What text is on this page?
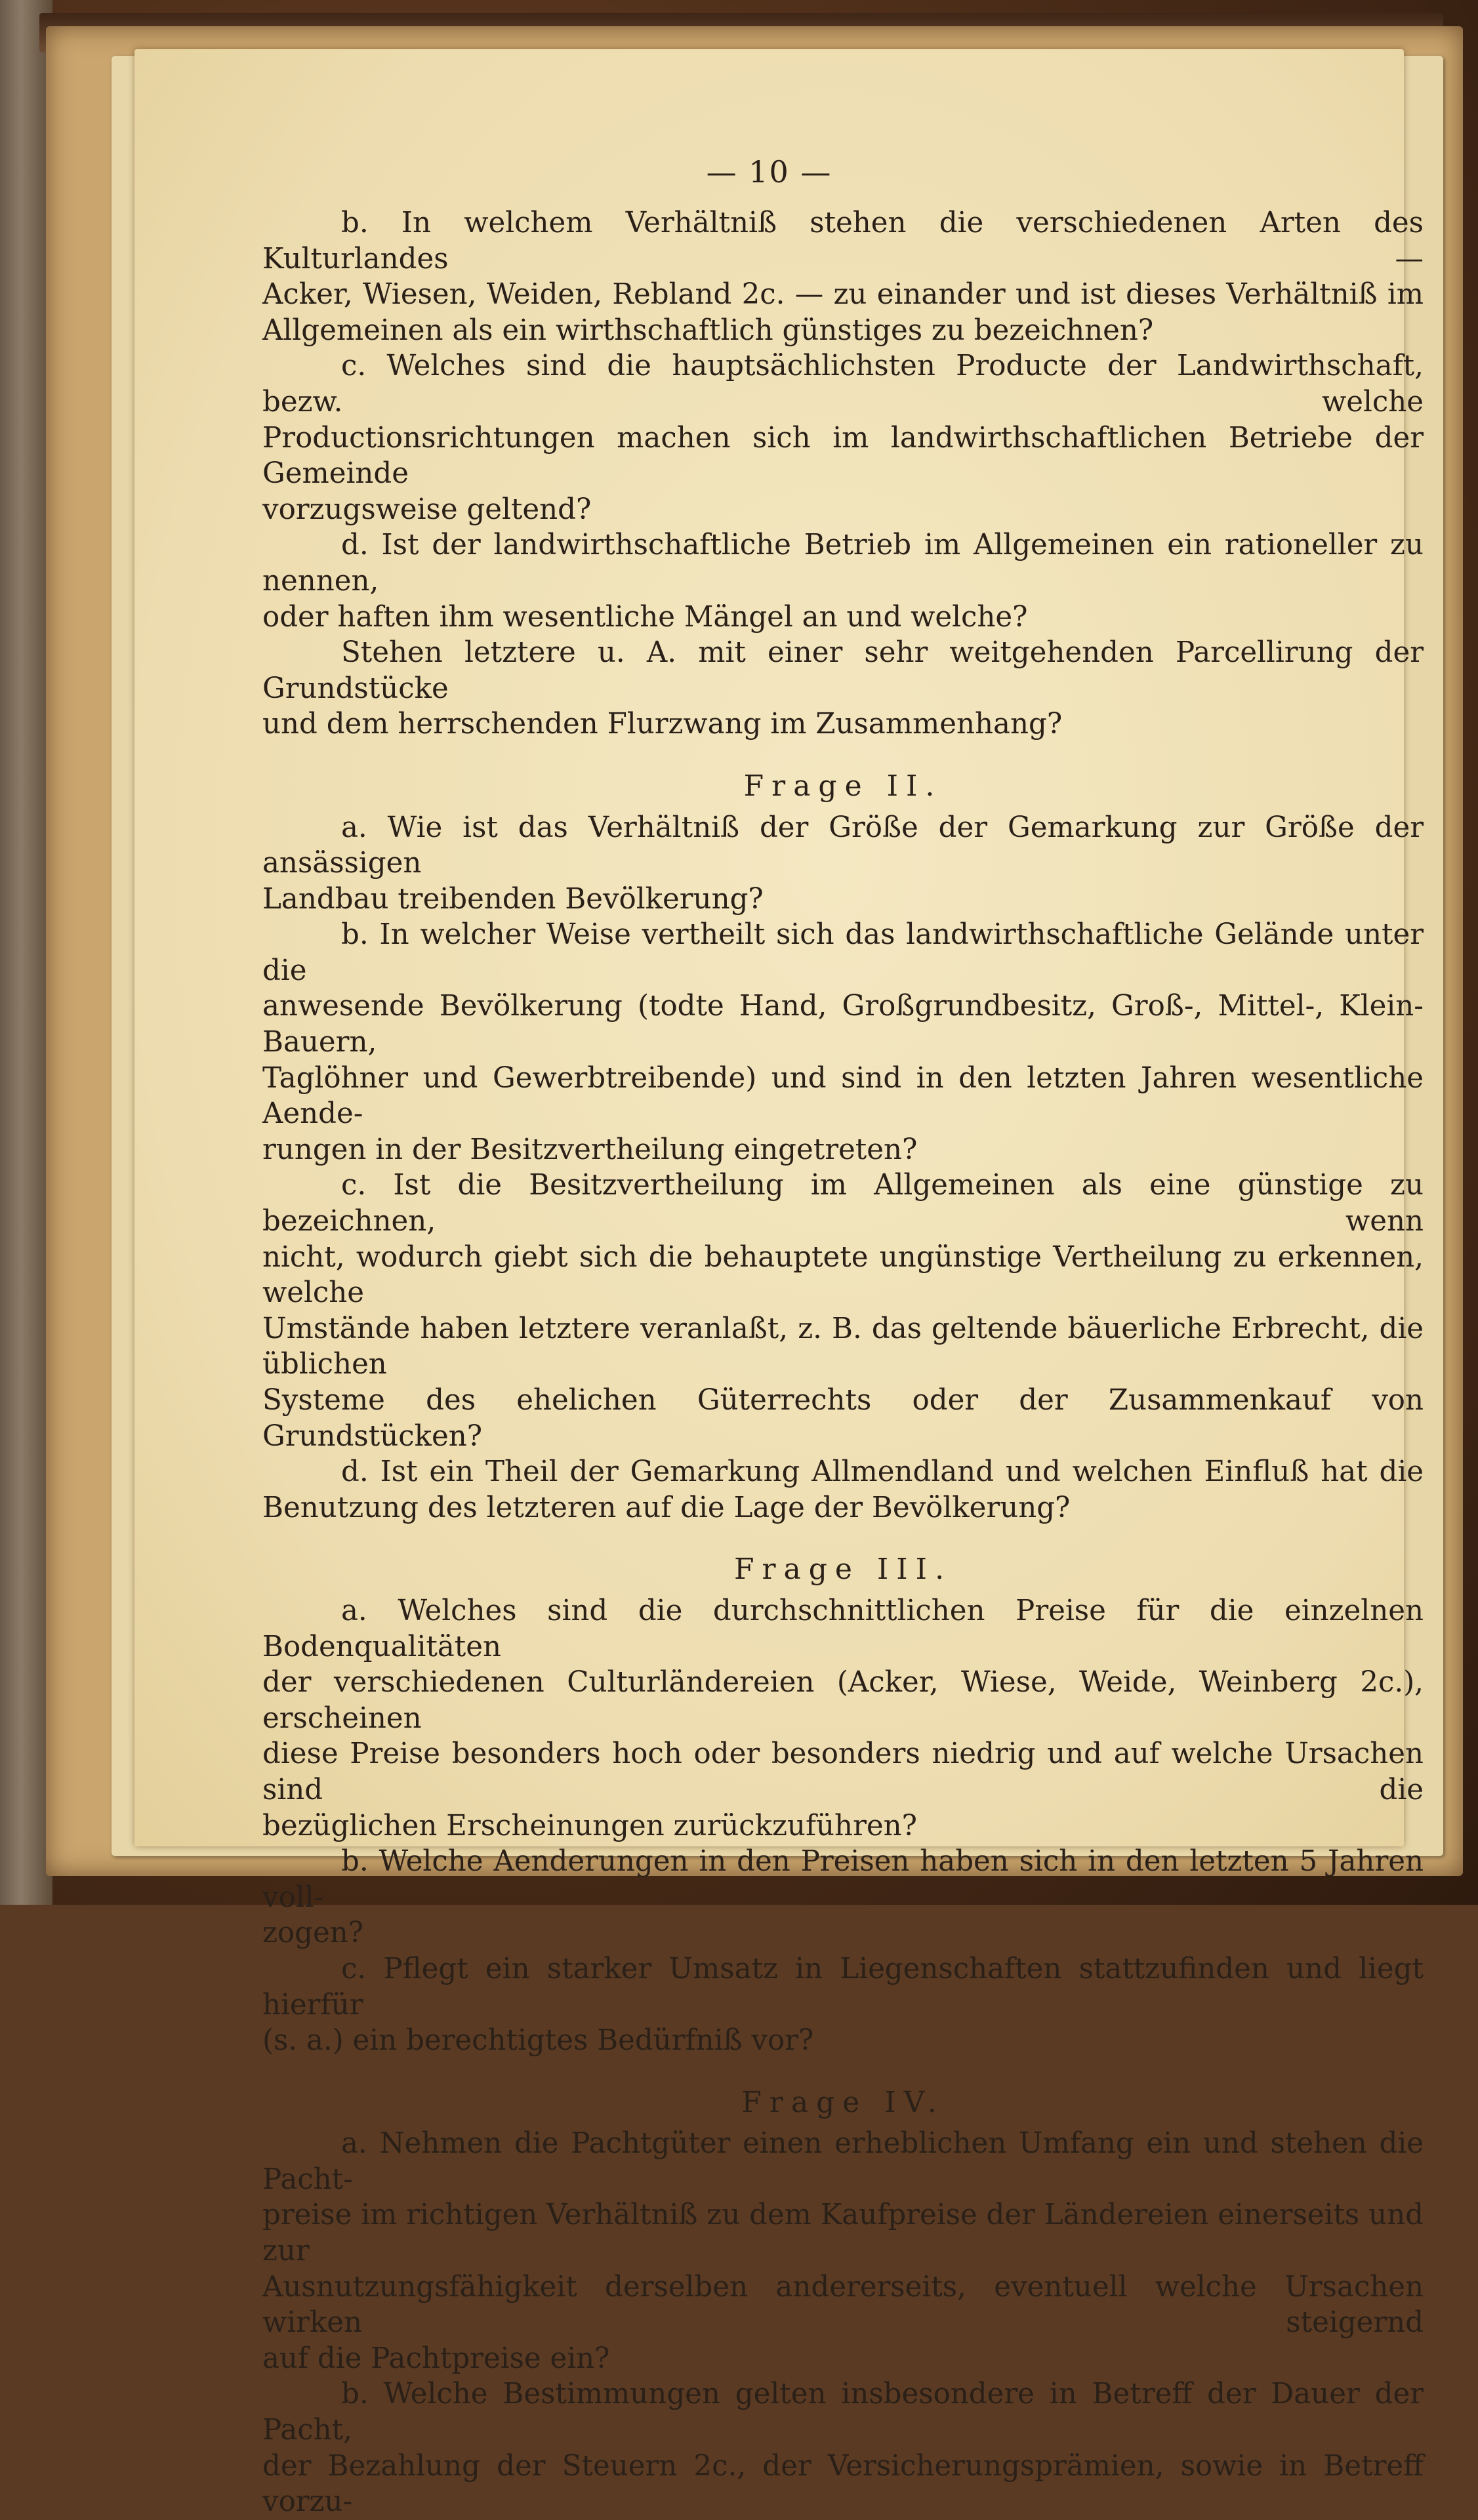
— 10 —

b. In welchem Verhältniß stehen die verschiedenen Arten des Kulturlandes —

Acker, Wiesen, Weiden, Rebland 2c. — zu einander und ist dieses Verhältniß im

Allgemeinen als ein wirthschaftlich günstiges zu bezeichnen?

c. Welches sind die hauptsächlichsten Producte der Landwirthschaft, bezw. welche

Productionsrichtungen machen sich im landwirthschaftlichen Betriebe der Gemeinde

vorzugsweise geltend?

d. Ist der landwirthschaftliche Betrieb im Allgemeinen ein rationeller zu nennen,

oder haften ihm wesentliche Mängel an und welche?

Stehen letztere u. A. mit einer sehr weitgehenden Parcellirung der Grundstücke

und dem herrschenden Flurzwang im Zusammenhang?

Frage II.

a. Wie ist das Verhältniß der Größe der Gemarkung zur Größe der ansässigen

Landbau treibenden Bevölkerung?

b. In welcher Weise vertheilt sich das landwirthschaftliche Gelände unter die

anwesende Bevölkerung (todte Hand, Großgrundbesitz, Groß-, Mittel-, Klein-Bauern,

Taglöhner und Gewerbtreibende) und sind in den letzten Jahren wesentliche Aende-

rungen in der Besitzvertheilung eingetreten?

c. Ist die Besitzvertheilung im Allgemeinen als eine günstige zu bezeichnen, wenn

nicht, wodurch giebt sich die behauptete ungünstige Vertheilung zu erkennen, welche

Umstände haben letztere veranlaßt, z. B. das geltende bäuerliche Erbrecht, die üblichen

Systeme des ehelichen Güterrechts oder der Zusammenkauf von Grundstücken?

d. Ist ein Theil der Gemarkung Allmendland und welchen Einfluß hat die

Benutzung des letzteren auf die Lage der Bevölkerung?

Frage III.

a. Welches sind die durchschnittlichen Preise für die einzelnen Bodenqualitäten

der verschiedenen Culturländereien (Acker, Wiese, Weide, Weinberg 2c.), erscheinen

diese Preise besonders hoch oder besonders niedrig und auf welche Ursachen sind die

bezüglichen Erscheinungen zurückzuführen?

b. Welche Aenderungen in den Preisen haben sich in den letzten 5 Jahren voll-

zogen?

c. Pflegt ein starker Umsatz in Liegenschaften stattzufinden und liegt hierfür

(s. a.) ein berechtigtes Bedürfniß vor?

Frage IV.

a. Nehmen die Pachtgüter einen erheblichen Umfang ein und stehen die Pacht-

preise im richtigen Verhältniß zu dem Kaufpreise der Ländereien einerseits und zur

Ausnutzungsfähigkeit derselben andererseits, eventuell welche Ursachen wirken steigernd

auf die Pachtpreise ein?

b. Welche Bestimmungen gelten insbesondere in Betreff der Dauer der Pacht,

der Bezahlung der Steuern 2c., der Versicherungsprämien, sowie in Betreff vorzu-
